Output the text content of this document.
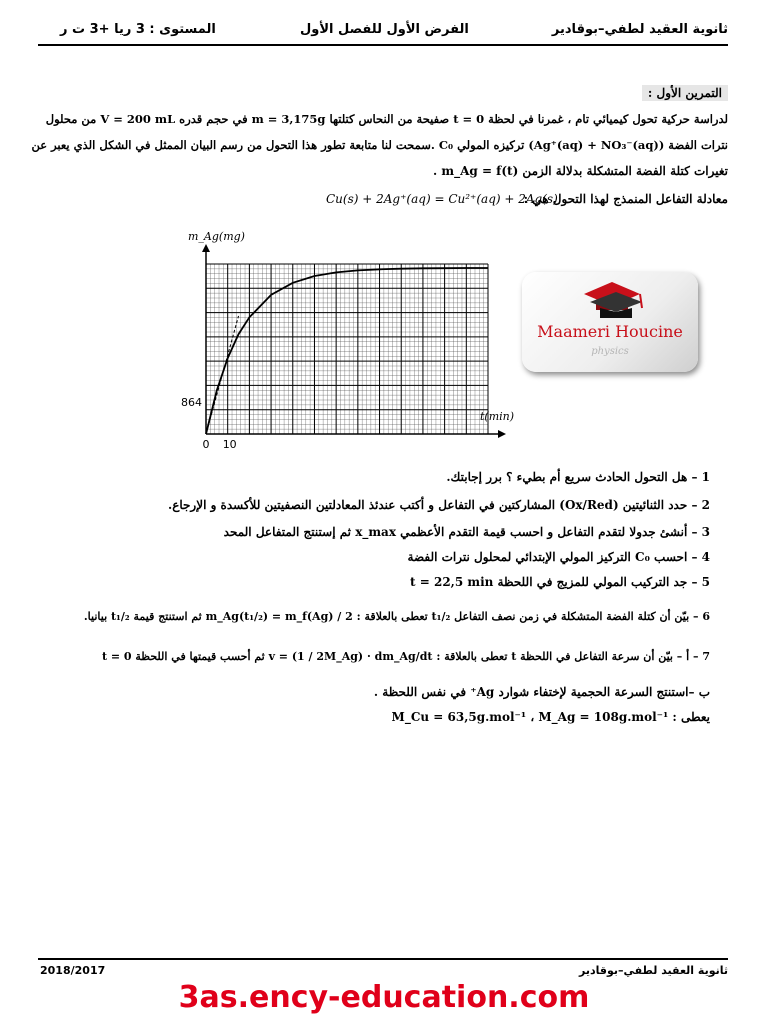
ثانوية العقيد لطفي–بوقادير
الفرض الأول للفصل الأول
المستوى : 3 ريا +3 ت ر
التمرين الأول :
لدراسة حركية تحول كيميائي تام ، غمرنا في لحظة t = 0 صفيحة من النحاس كتلتها m = 3,175g في حجم قدره V = 200 mL من محلول
نترات الفضة (Ag⁺(aq) + NO₃⁻(aq)) تركيزه المولي C₀ .سمحت لنا متابعة تطور هذا التحول من رسم البيان الممثل في الشكل الذي يعبر عن
تغيرات كتلة الفضة المتشكلة بدلالة الزمن m_Ag = f(t) .
معادلة التفاعل المنمذج لهذا التحول هي :
Cu(s) + 2Ag⁺(aq) = Cu²⁺(aq) + 2Ag(s)
m_Ag(mg)
t(min)
864
10
0
Maameri Houcine
physics
1 – هل التحول الحادث سريع أم بطيء ؟ برر إجابتك.
2 – حدد الثنائيتين (Ox/Red) المشاركتين في التفاعل و أكتب عندئذ المعادلتين النصفيتين للأكسدة و الإرجاع.
3 – أنشئ جدولا لتقدم التفاعل و احسب قيمة التقدم الأعظمي x_max ثم إستنتج المتفاعل المحد
4 – احسب C₀ التركيز المولي الإبتدائي لمحلول نترات الفضة
5 – جد التركيب المولي للمزيج في اللحظة t = 22,5 min
6 – بيّن أن كتلة الفضة المتشكلة في زمن نصف التفاعل t₁/₂ تعطى بالعلاقة : m_Ag(t₁/₂) = m_f(Ag) / 2 ثم استنتج قيمة t₁/₂ بيانيا.
7 – أ – بيّن أن سرعة التفاعل في اللحظة t تعطى بالعلاقة : v = (1 / 2M_Ag) · dm_Ag/dt ثم أحسب قيمتها في اللحظة t = 0
ب –استنتج السرعة الحجمية لإختفاء شوارد Ag⁺ في نفس اللحظة .
يعطى : M_Cu = 63,5g.mol⁻¹ ، M_Ag = 108g.mol⁻¹
2018/2017	ثانوية العقيد لطفي–بوقادير
3as.ency-education.com
